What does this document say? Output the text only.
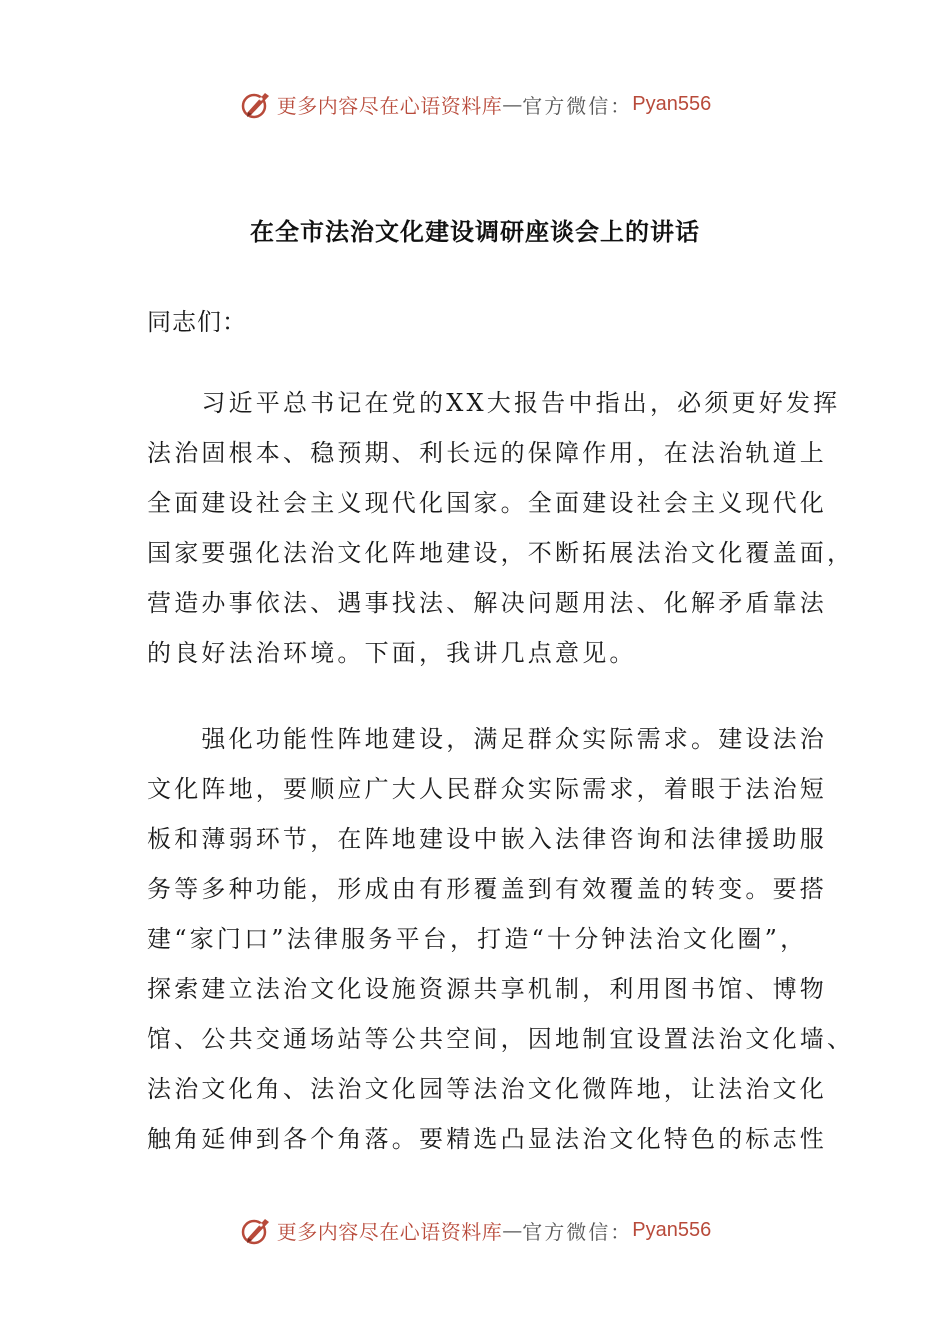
更多内容尽在心语资料库 — 官方微信： Pyan556
在全市法治文化建设调研座谈会上的讲话
同志们：
　　习近平总书记在党的XX大报告中指出，必须更好发挥
法治固根本、稳预期、利长远的保障作用，在法治轨道上
全面建设社会主义现代化国家。全面建设社会主义现代化
国家要强化法治文化阵地建设，不断拓展法治文化覆盖面，
营造办事依法、遇事找法、解决问题用法、化解矛盾靠法
的良好法治环境。下面，我讲几点意见。
　　强化功能性阵地建设，满足群众实际需求。建设法治
文化阵地，要顺应广大人民群众实际需求，着眼于法治短
板和薄弱环节，在阵地建设中嵌入法律咨询和法律援助服
务等多种功能，形成由有形覆盖到有效覆盖的转变。要搭
建“家门口”法律服务平台，打造“十分钟法治文化圈”，
探索建立法治文化设施资源共享机制，利用图书馆、博物
馆、公共交通场站等公共空间，因地制宜设置法治文化墙、
法治文化角、法治文化园等法治文化微阵地，让法治文化
触角延伸到各个角落。要精选凸显法治文化特色的标志性
更多内容尽在心语资料库 — 官方微信： Pyan556
